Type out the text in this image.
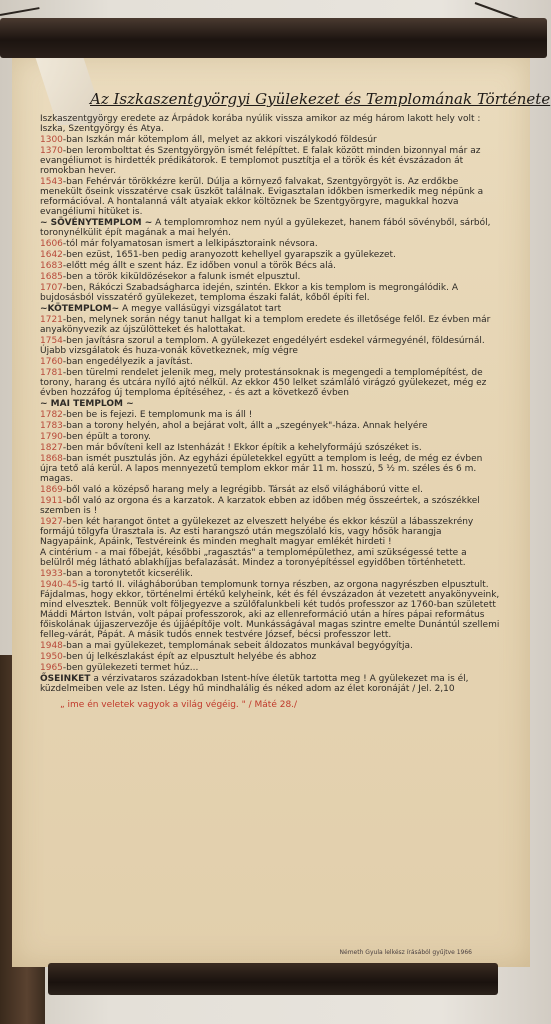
Az Iszkaszentgyörgyi Gyülekezet és Templomának Története
Iszkaszentgyörgy eredete az Árpádok korába nyúlik vissza amikor az még három lakott hely volt : Iszka, Szentgyörgy és Atya.
1300-ban Iszkán már kötemplom áll, melyet az akkori viszálykodó földesúr
1370-ben lerombolttat és Szentgyörgyön ismét felépíttet. E falak között minden bizonnyal már az evangéliumot is hirdették prédikátorok. E templomot pusztítja el a török és két évszázadon át romokban hever.
1543-ban Fehérvár törökkézre kerül. Dúlja a környező falvakat, Szentgyörgyöt is. Az erdőkbe menekült őseink visszatérve csak üszköt találnak. Evigasztalan időkben ismerkedik meg népünk a reformációval. A hontalanná vált atyaiak ekkor költöznek be Szentgyörgyre, magukkal hozva evangéliumi hitüket is.
~ SÖVÉNYTEMPLOM ~ A templomromhoz nem nyúl a gyülekezet, hanem fából sövényből, sárból, toronynélkülit épít magának a mai helyén.
1606-tól már folyamatosan ismert a lelkipásztoraink névsora.
1642-ben ezüst, 1651-ben pedig aranyozott kehellyel gyarapszik a gyülekezet.
1683-előtt még állt e szent ház. Ez időben vonul a török Bécs alá.
1685-ben a török kiküldözésekor a falunk ismét elpusztul.
1707-ben, Rákóczi Szabadságharca idején, szintén. Ekkor a kis templom is megrongálódik. A bujdosásból visszatérő gyülekezet, temploma északi falát, kőből építi fel.
~KÖTEMPLOM~ A megye vallásügyi vizsgálatot tart
1721-ben, melynek során négy tanut hallgat ki a templom eredete és illetősége felől. Ez évben már anyakönyvezik az újszülötteket és halottakat.
1754-ben javításra szorul a templom. A gyülekezet engedélyért esdekel vármegyénél, földesúrnál. Újabb vizsgálatok és huza-vonák következnek, míg végre
1760-ban engedélyezik a javítást.
1781-ben türelmi rendelet jelenik meg, mely protestánsoknak is megengedi a templomépítést, de torony, harang és utcára nyíló ajtó nélkül. Az ekkor 450 lelket számláló virágzó gyülekezet, még ez évben hozzáfog új temploma építéséhez, - és azt a következő évben
~ MAI TEMPLOM ~
1782-ben be is fejezi. E templomunk ma is áll !
1783-ban a torony helyén, ahol a bejárat volt, állt a „szegények"-háza. Annak helyére
1790-ben épült a torony.
1827-ben már bővíteni kell az Istenházát ! Ekkor építik a kehelyformájú szószéket is.
1868-ban ismét pusztulás jön. Az egyházi épületekkel együtt a templom is leég, de még ez évben újra tető alá kerül. A lapos mennyezetű templom ekkor már 11 m. hosszú, 5 ½ m. széles és 6 m. magas.
1869-ből való a középső harang mely a legrégibb. Társát az első világháború vitte el.
1911-ből való az orgona és a karzatok. A karzatok ebben az időben még összeértek, a szószékkel szemben is !
1927-ben két harangot öntet a gyülekezet az elveszett helyébe és ekkor készül a lábasszekrény formájú tölgyfa Úrasztala is. Az esti harangszó után megszólaló kis, vagy hősök harangja Nagyapáink, Apáink, Testvéreink és minden meghalt magyar emlékét hirdeti !
A cintérium - a mai főbeját, későbbi „ragasztás" a templomépülethez, ami szükségessé tette a belülről még látható ablakhíjjas befalazását. Mindez a toronyépítéssel egyidőben történhetett.
1933-ban a toronytetőt kicserélik.
1940-45-ig tartó II. világháborúban templomunk tornya részben, az orgona nagyrészben elpusztult. Fájdalmas, hogy ekkor, történelmi értékű kelyheink, két és fél évszázadon át vezetett anyakönyveink, mind elvesztek. Bennük volt följegyezve a szülőfalunkbeli két tudós professzor az 1760-ban született Máddi Márton István, volt pápai professzorok, aki az ellenreformáció után a híres pápai református főiskolának újjaszervezője és újjáépítője volt. Munkásságával magas szintre emelte Dunántúl szellemi felleg-várát, Pápát. A másik tudós ennek testvére József, bécsi professzor lett.
1948-ban a mai gyülekezet, templomának sebeit áldozatos munkával begyógyítja.
1950-ben új lelkészlakást épít az elpusztult helyébe és abhoz
1965-ben gyülekezeti termet húz...
ŐSEINKET a vérzivataros századokban Istent-híve életük tartotta meg ! A gyülekezet ma is él, küzdelmeiben vele az Isten. Légy hű mindhalálig és néked adom az élet koronáját / Jel. 2,10
„ ime én veletek vagyok a világ végéig. " / Máté 28./
Németh Gyula lelkész írásából gyűjtve 1966
